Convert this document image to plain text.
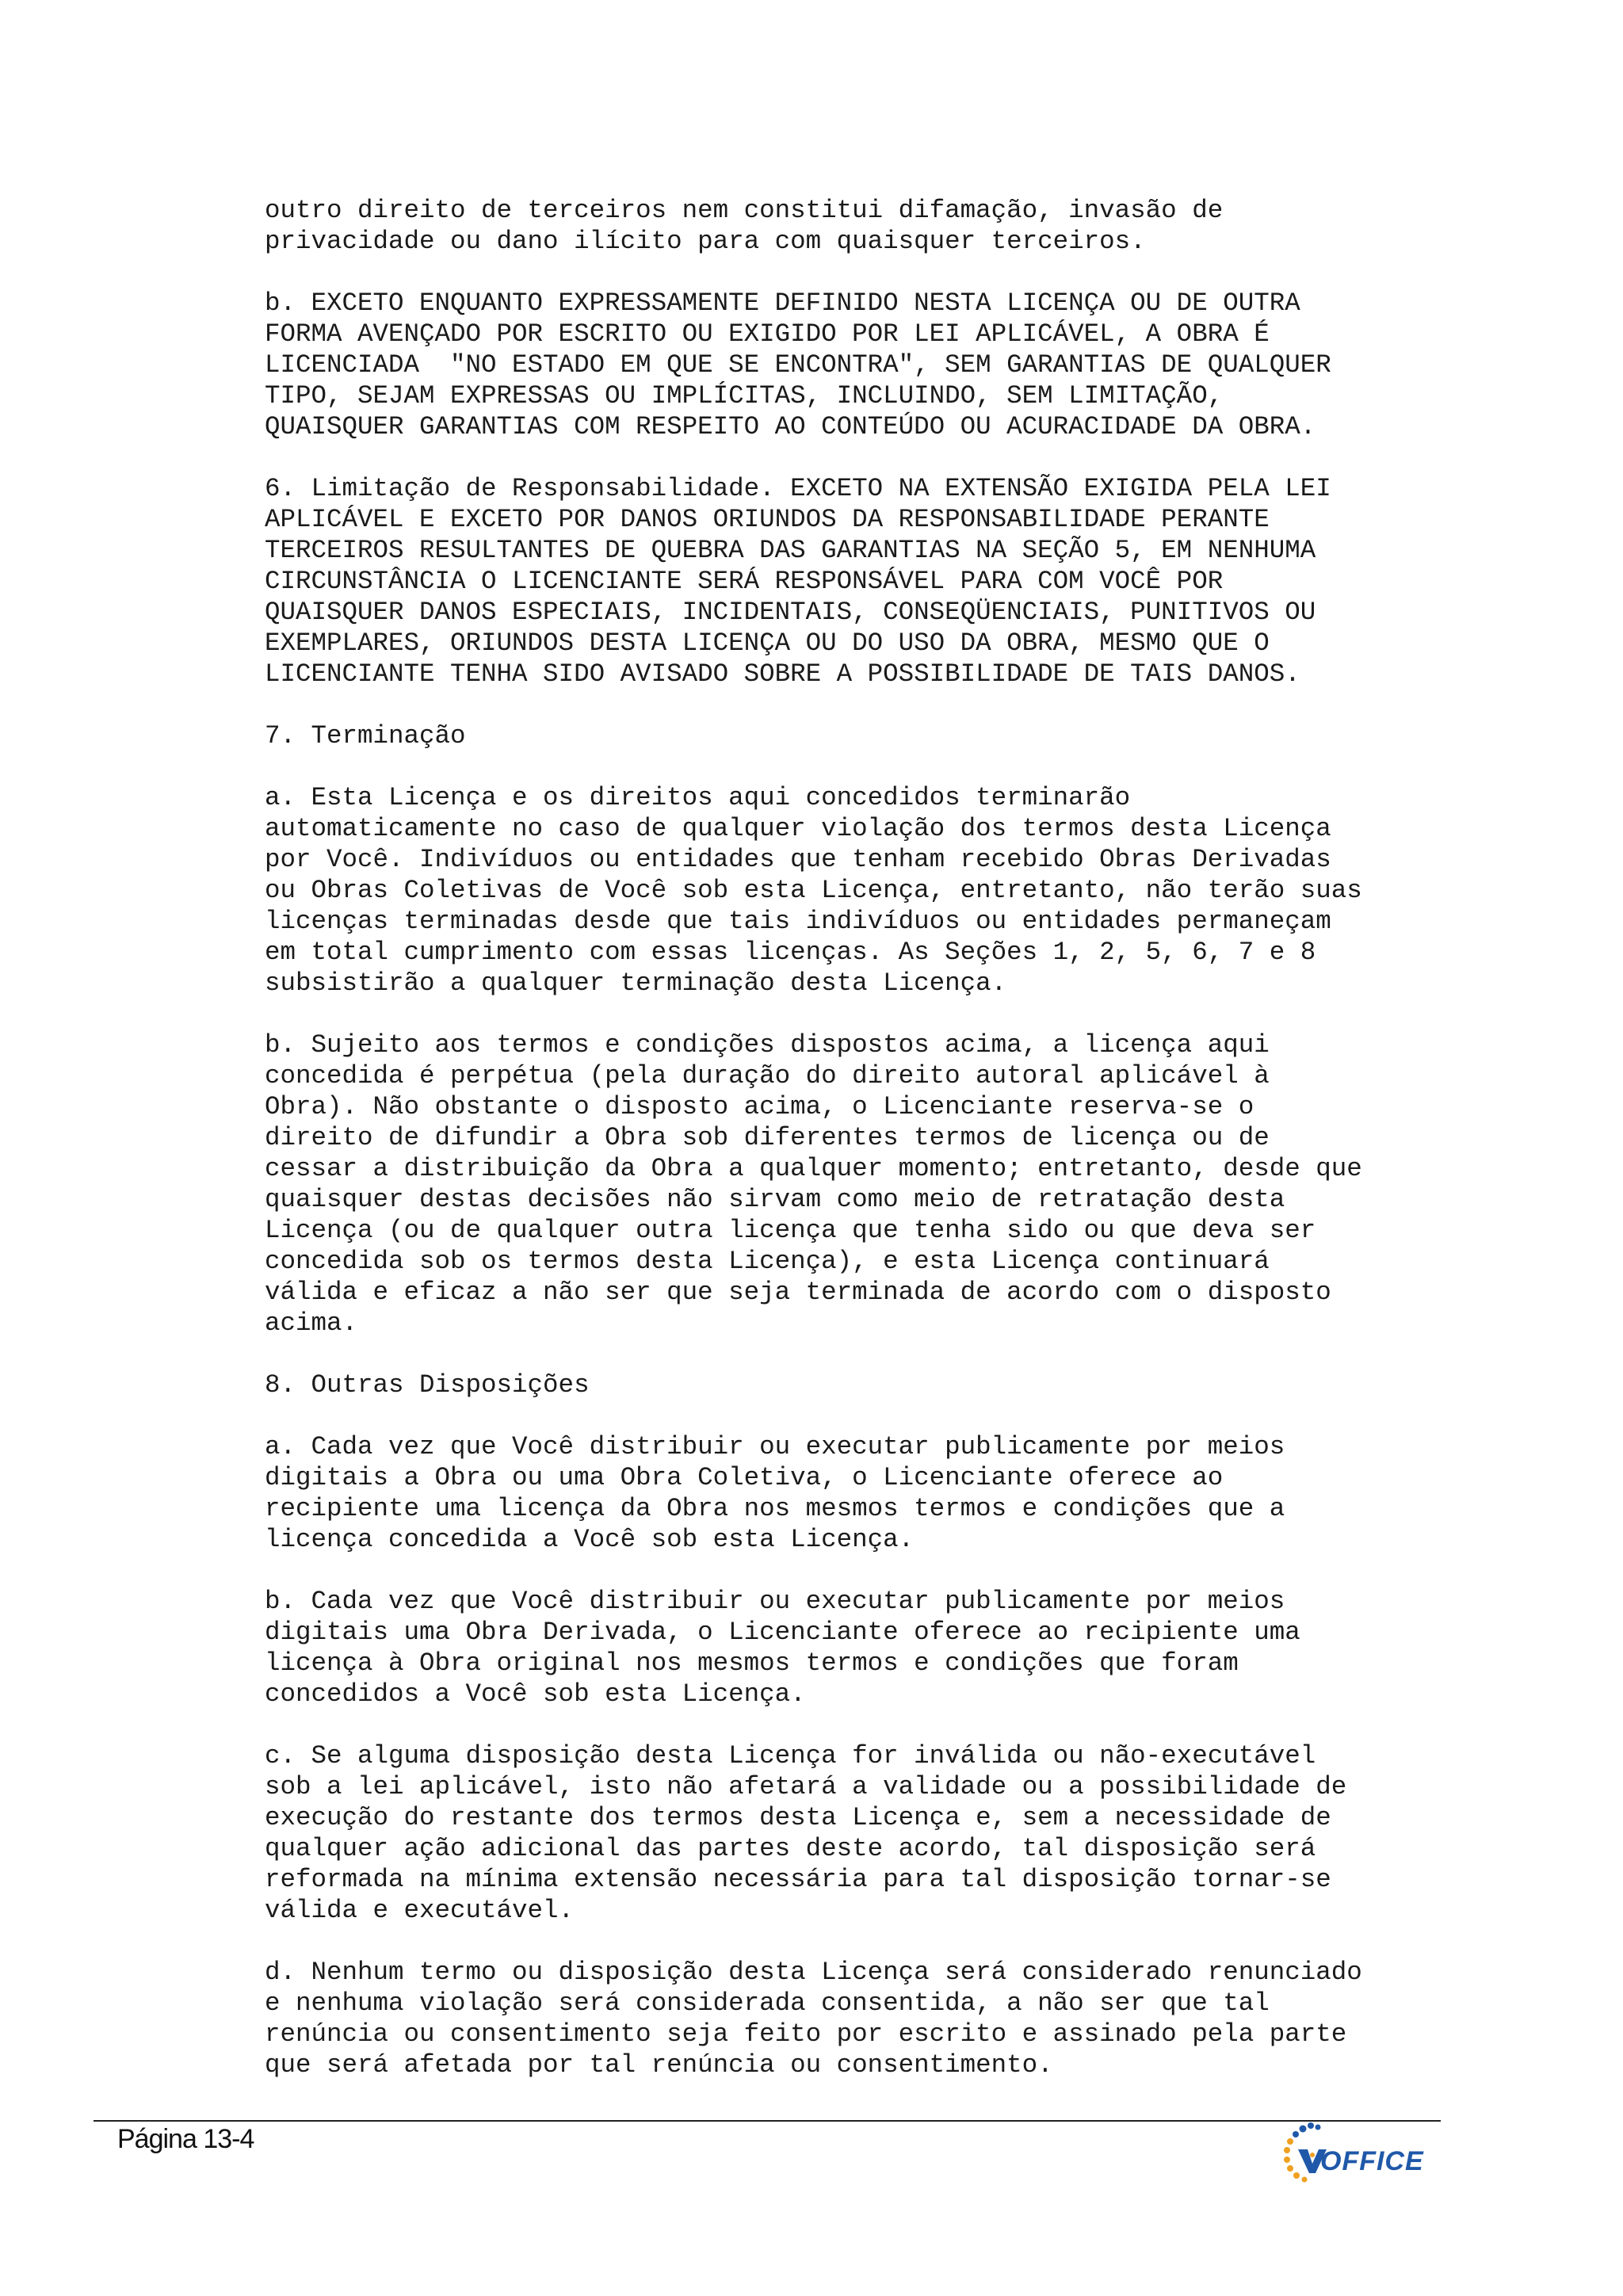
outro direito de terceiros nem constitui difamação, invasão de
privacidade ou dano ilícito para com quaisquer terceiros.

b. EXCETO ENQUANTO EXPRESSAMENTE DEFINIDO NESTA LICENÇA OU DE OUTRA
FORMA AVENÇADO POR ESCRITO OU EXIGIDO POR LEI APLICÁVEL, A OBRA É
LICENCIADA  "NO ESTADO EM QUE SE ENCONTRA", SEM GARANTIAS DE QUALQUER
TIPO, SEJAM EXPRESSAS OU IMPLÍCITAS, INCLUINDO, SEM LIMITAÇÃO,
QUAISQUER GARANTIAS COM RESPEITO AO CONTEÚDO OU ACURACIDADE DA OBRA.

6. Limitação de Responsabilidade. EXCETO NA EXTENSÃO EXIGIDA PELA LEI
APLICÁVEL E EXCETO POR DANOS ORIUNDOS DA RESPONSABILIDADE PERANTE
TERCEIROS RESULTANTES DE QUEBRA DAS GARANTIAS NA SEÇÃO 5, EM NENHUMA
CIRCUNSTÂNCIA O LICENCIANTE SERÁ RESPONSÁVEL PARA COM VOCÊ POR
QUAISQUER DANOS ESPECIAIS, INCIDENTAIS, CONSEQÜENCIAIS, PUNITIVOS OU
EXEMPLARES, ORIUNDOS DESTA LICENÇA OU DO USO DA OBRA, MESMO QUE O
LICENCIANTE TENHA SIDO AVISADO SOBRE A POSSIBILIDADE DE TAIS DANOS.

7. Terminação

a. Esta Licença e os direitos aqui concedidos terminarão
automaticamente no caso de qualquer violação dos termos desta Licença
por Você. Indivíduos ou entidades que tenham recebido Obras Derivadas
ou Obras Coletivas de Você sob esta Licença, entretanto, não terão suas
licenças terminadas desde que tais indivíduos ou entidades permaneçam
em total cumprimento com essas licenças. As Seções 1, 2, 5, 6, 7 e 8
subsistirão a qualquer terminação desta Licença.

b. Sujeito aos termos e condições dispostos acima, a licença aqui
concedida é perpétua (pela duração do direito autoral aplicável à
Obra). Não obstante o disposto acima, o Licenciante reserva-se o
direito de difundir a Obra sob diferentes termos de licença ou de
cessar a distribuição da Obra a qualquer momento; entretanto, desde que
quaisquer destas decisões não sirvam como meio de retratação desta
Licença (ou de qualquer outra licença que tenha sido ou que deva ser
concedida sob os termos desta Licença), e esta Licença continuará
válida e eficaz a não ser que seja terminada de acordo com o disposto
acima.

8. Outras Disposições

a. Cada vez que Você distribuir ou executar publicamente por meios
digitais a Obra ou uma Obra Coletiva, o Licenciante oferece ao
recipiente uma licença da Obra nos mesmos termos e condições que a
licença concedida a Você sob esta Licença.

b. Cada vez que Você distribuir ou executar publicamente por meios
digitais uma Obra Derivada, o Licenciante oferece ao recipiente uma
licença à Obra original nos mesmos termos e condições que foram
concedidos a Você sob esta Licença.

c. Se alguma disposição desta Licença for inválida ou não-executável
sob a lei aplicável, isto não afetará a validade ou a possibilidade de
execução do restante dos termos desta Licença e, sem a necessidade de
qualquer ação adicional das partes deste acordo, tal disposição será
reformada na mínima extensão necessária para tal disposição tornar-se
válida e executável.

d. Nenhum termo ou disposição desta Licença será considerado renunciado
e nenhuma violação será considerada consentida, a não ser que tal
renúncia ou consentimento seja feito por escrito e assinado pela parte
que será afetada por tal renúncia ou consentimento.

Página 13-4
OFFICE
